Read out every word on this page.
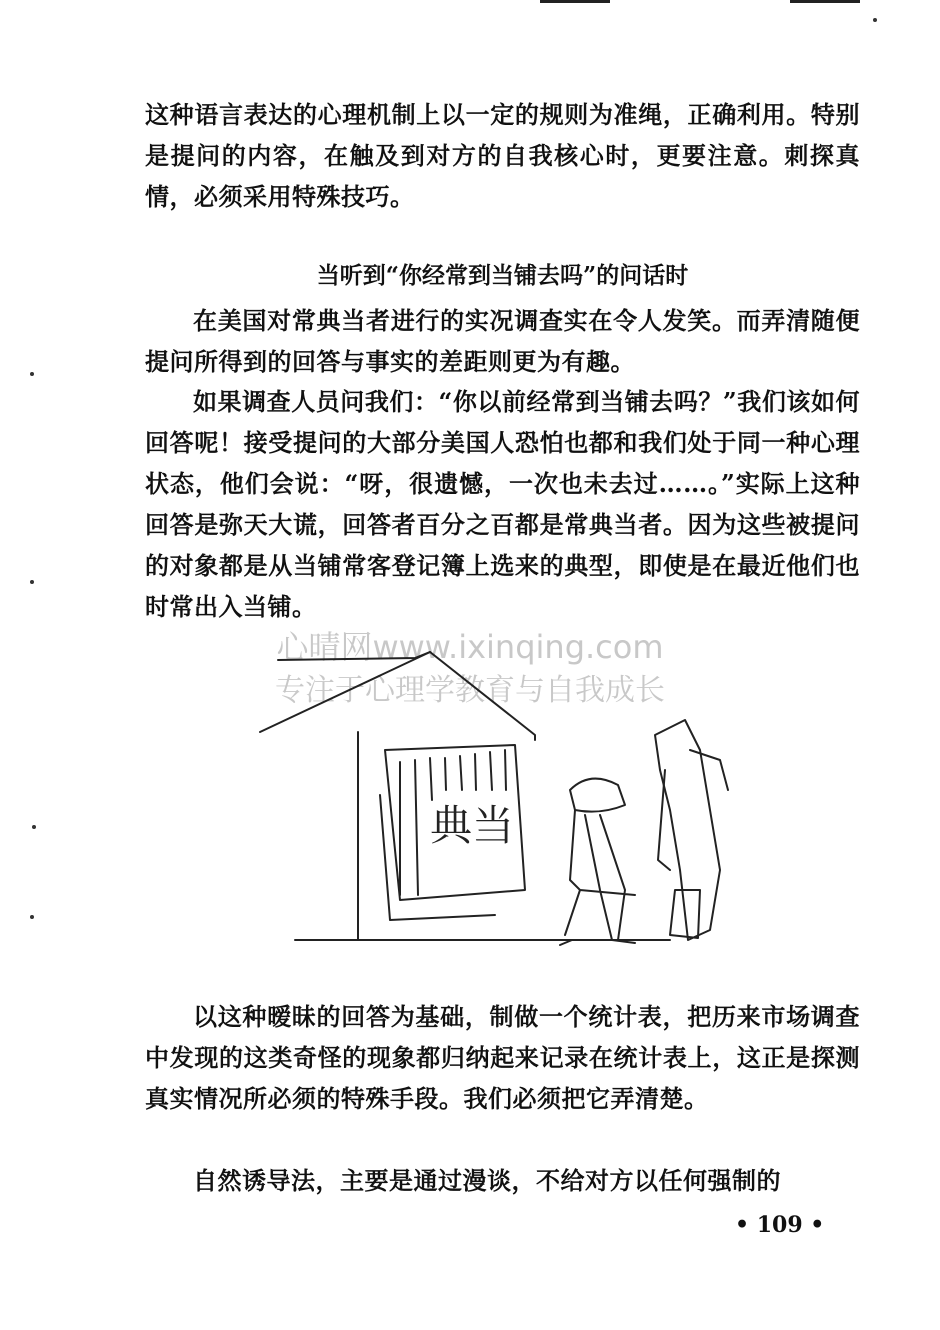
这种语言表达的心理机制上以一定的规则为准绳，正确利用。特别是提问的内容，在触及到对方的自我核心时，更要注意。刺探真情，必须采用特殊技巧。

当听到“你经常到当铺去吗”的问话时

在美国对常典当者进行的实况调查实在令人发笑。而弄清随便提问所得到的回答与事实的差距则更为有趣。

如果调查人员问我们：“你以前经常到当铺去吗？”我们该如何回答呢！接受提问的大部分美国人恐怕也都和我们处于同一种心理状态，他们会说：“呀，很遗憾，一次也未去过……。”实际上这种回答是弥天大谎，回答者百分之百都是常典当者。因为这些被提问的对象都是从当铺常客登记簿上选来的典型，即使是在最近他们也时常出入当铺。

心晴网www.ixinqing.com
专注于心理学教育与自我成长
典当

以这种暧昧的回答为基础，制做一个统计表，把历来市场调查中发现的这类奇怪的现象都归纳起来记录在统计表上，这正是探测真实情况所必须的特殊手段。我们必须把它弄清楚。

自然诱导法，主要是通过漫谈，不给对方以任何强制的

• 109 •
